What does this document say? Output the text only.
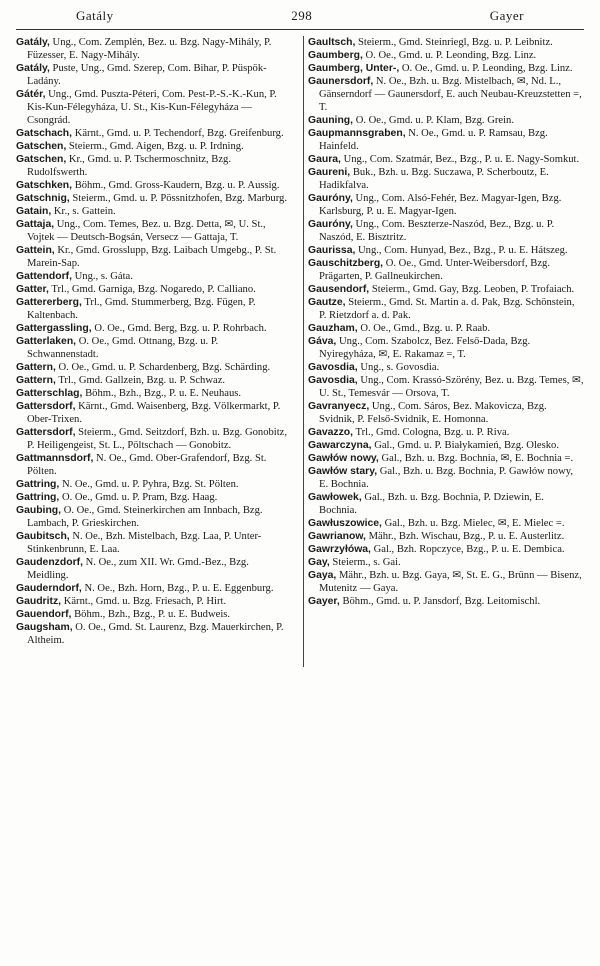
Gatály	298	Gayer

Gatály, Ung., Com. Zemplén, Bez. u. Bzg. Nagy-Mihály, P. Füzesser, E. Nagy-Mihály.

Gatály, Puste, Ung., Gmd. Szerep, Com. Bihar, P. Püspök-Ladány.

Gátér, Ung., Gmd. Puszta-Péteri, Com. Pest-P.-S.-K.-Kun, P. Kis-Kun-Félegyháza, U. St., Kis-Kun-Félegyháza — Csongrád.

Gatschach, Kärnt., Gmd. u. P. Techendorf, Bzg. Greifenburg.

Gatschen, Steierm., Gmd. Aigen, Bzg. u. P. Irdning.

Gatschen, Kr., Gmd. u. P. Tschermoschnitz, Bzg. Rudolfswerth.

Gatschken, Böhm., Gmd. Gross-Kaudern, Bzg. u. P. Aussig.

Gatschnig, Steierm., Gmd. u. P. Pössnitzhofen, Bzg. Marburg.

Gatain, Kr., s. Gattein.

Gattaja, Ung., Com. Temes, Bez. u. Bzg. Detta, ✉, U. St., Vojtek — Deutsch-Bogsán, Versecz — Gattaja, T.

Gattein, Kr., Gmd. Grosslupp, Bzg. Laibach Umgebg., P. St. Marein-Sap.

Gattendorf, Ung., s. Gáta.

Gatter, Trl., Gmd. Garniga, Bzg. Nogaredo, P. Calliano.

Gattererberg, Trl., Gmd. Stummerberg, Bzg. Fügen, P. Kaltenbach.

Gattergassling, O. Oe., Gmd. Berg, Bzg. u. P. Rohrbach.

Gatterlaken, O. Oe., Gmd. Ottnang, Bzg. u. P. Schwannenstadt.

Gattern, O. Oe., Gmd. u. P. Schardenberg, Bzg. Schärding.

Gattern, Trl., Gmd. Gallzein, Bzg. u. P. Schwaz.

Gatterschlag, Böhm., Bzh., Bzg., P. u. E. Neuhaus.

Gattersdorf, Kärnt., Gmd. Waisenberg, Bzg. Völkermarkt, P. Ober-Trixen.

Gattersdorf, Steierm., Gmd. Seitzdorf, Bzh. u. Bzg. Gonobitz, P. Heiligengeist, St. L., Pöltschach — Gonobitz.

Gattmannsdorf, N. Oe., Gmd. Ober-Grafendorf, Bzg. St. Pölten.

Gattring, N. Oe., Gmd. u. P. Pyhra, Bzg. St. Pölten.

Gattring, O. Oe., Gmd. u. P. Pram, Bzg. Haag.

Gaubing, O. Oe., Gmd. Steinerkirchen am Innbach, Bzg. Lambach, P. Grieskirchen.

Gaubitsch, N. Oe., Bzh. Mistelbach, Bzg. Laa, P. Unter-Stinkenbrunn, E. Laa.

Gaudenzdorf, N. Oe., zum XII. Wr. Gmd.-Bez., Bzg. Meidling.

Gauderndorf, N. Oe., Bzh. Horn, Bzg., P. u. E. Eggenburg.

Gaudritz, Kärnt., Gmd. u. Bzg. Friesach, P. Hirt.

Gauendorf, Böhm., Bzh., Bzg., P. u. E. Budweis.

Gaugsham, O. Oe., Gmd. St. Laurenz, Bzg. Mauerkirchen, P. Altheim.

Gaultsch, Steierm., Gmd. Steinriegl, Bzg. u. P. Leibnitz.

Gaumberg, O. Oe., Gmd. u. P. Leonding, Bzg. Linz.

Gaumberg, Unter-, O. Oe., Gmd. u. P. Leonding, Bzg. Linz.

Gaunersdorf, N. Oe., Bzh. u. Bzg. Mistelbach, ✉, Nd. L., Gänserndorf — Gaunersdorf, E. auch Neubau-Kreuzstetten =, T.

Gauning, O. Oe., Gmd. u. P. Klam, Bzg. Grein.

Gaupmannsgraben, N. Oe., Gmd. u. P. Ramsau, Bzg. Hainfeld.

Gaura, Ung., Com. Szatmár, Bez., Bzg., P. u. E. Nagy-Somkut.

Gaureni, Buk., Bzh. u. Bzg. Suczawa, P. Scherboutz, E. Hadikfalva.

Gauróny, Ung., Com. Alsó-Fehér, Bez. Magyar-Igen, Bzg. Karlsburg, P. u. E. Magyar-Igen.

Gauróny, Ung., Com. Beszterze-Naszód, Bez., Bzg. u. P. Naszód, E. Bisztritz.

Gaurissa, Ung., Com. Hunyad, Bez., Bzg., P. u. E. Hátszeg.

Gauschitzberg, O. Oe., Gmd. Unter-Weibersdorf, Bzg. Prägarten, P. Gallneukirchen.

Gausendorf, Steierm., Gmd. Gay, Bzg. Leoben, P. Trofaiach.

Gautze, Steierm., Gmd. St. Martin a. d. Pak, Bzg. Schönstein, P. Rietzdorf a. d. Pak.

Gauzham, O. Oe., Gmd., Bzg. u. P. Raab.

Gáva, Ung., Com. Szabolcz, Bez. Felső-Dada, Bzg. Nyiregyháza, ✉, E. Rakamaz =, T.

Gavosdia, Ung., s. Govosdia.

Gavosdia, Ung., Com. Krassó-Szörény, Bez. u. Bzg. Temes, ✉, U. St., Temesvár — Orsova, T.

Gavranyecz, Ung., Com. Sáros, Bez. Makovicza, Bzg. Svidnik, P. Felső-Svidnik, E. Homonna.

Gavazzo, Trl., Gmd. Cologna, Bzg. u. P. Riva.

Gawarczyna, Gal., Gmd. u. P. Białykamień, Bzg. Olesko.

Gawłów nowy, Gal., Bzh. u. Bzg. Bochnia, ✉, E. Bochnia =.

Gawłów stary, Gal., Bzh. u. Bzg. Bochnia, P. Gawłów nowy, E. Bochnia.

Gawłowek, Gal., Bzh. u. Bzg. Bochnia, P. Dziewin, E. Bochnia.

Gawłuszowice, Gal., Bzh. u. Bzg. Mielec, ✉, E. Mielec =.

Gawrianow, Mähr., Bzh. Wischau, Bzg., P. u. E. Austerlitz.

Gawrzyłówa, Gal., Bzh. Ropczyce, Bzg., P. u. E. Dembica.

Gay, Steierm., s. Gai.

Gaya, Mähr., Bzh. u. Bzg. Gaya, ✉, St. E. G., Brünn — Bisenz, Mutenitz — Gaya.

Gayer, Böhm., Gmd. u. P. Jansdorf, Bzg. Leitomischl.
